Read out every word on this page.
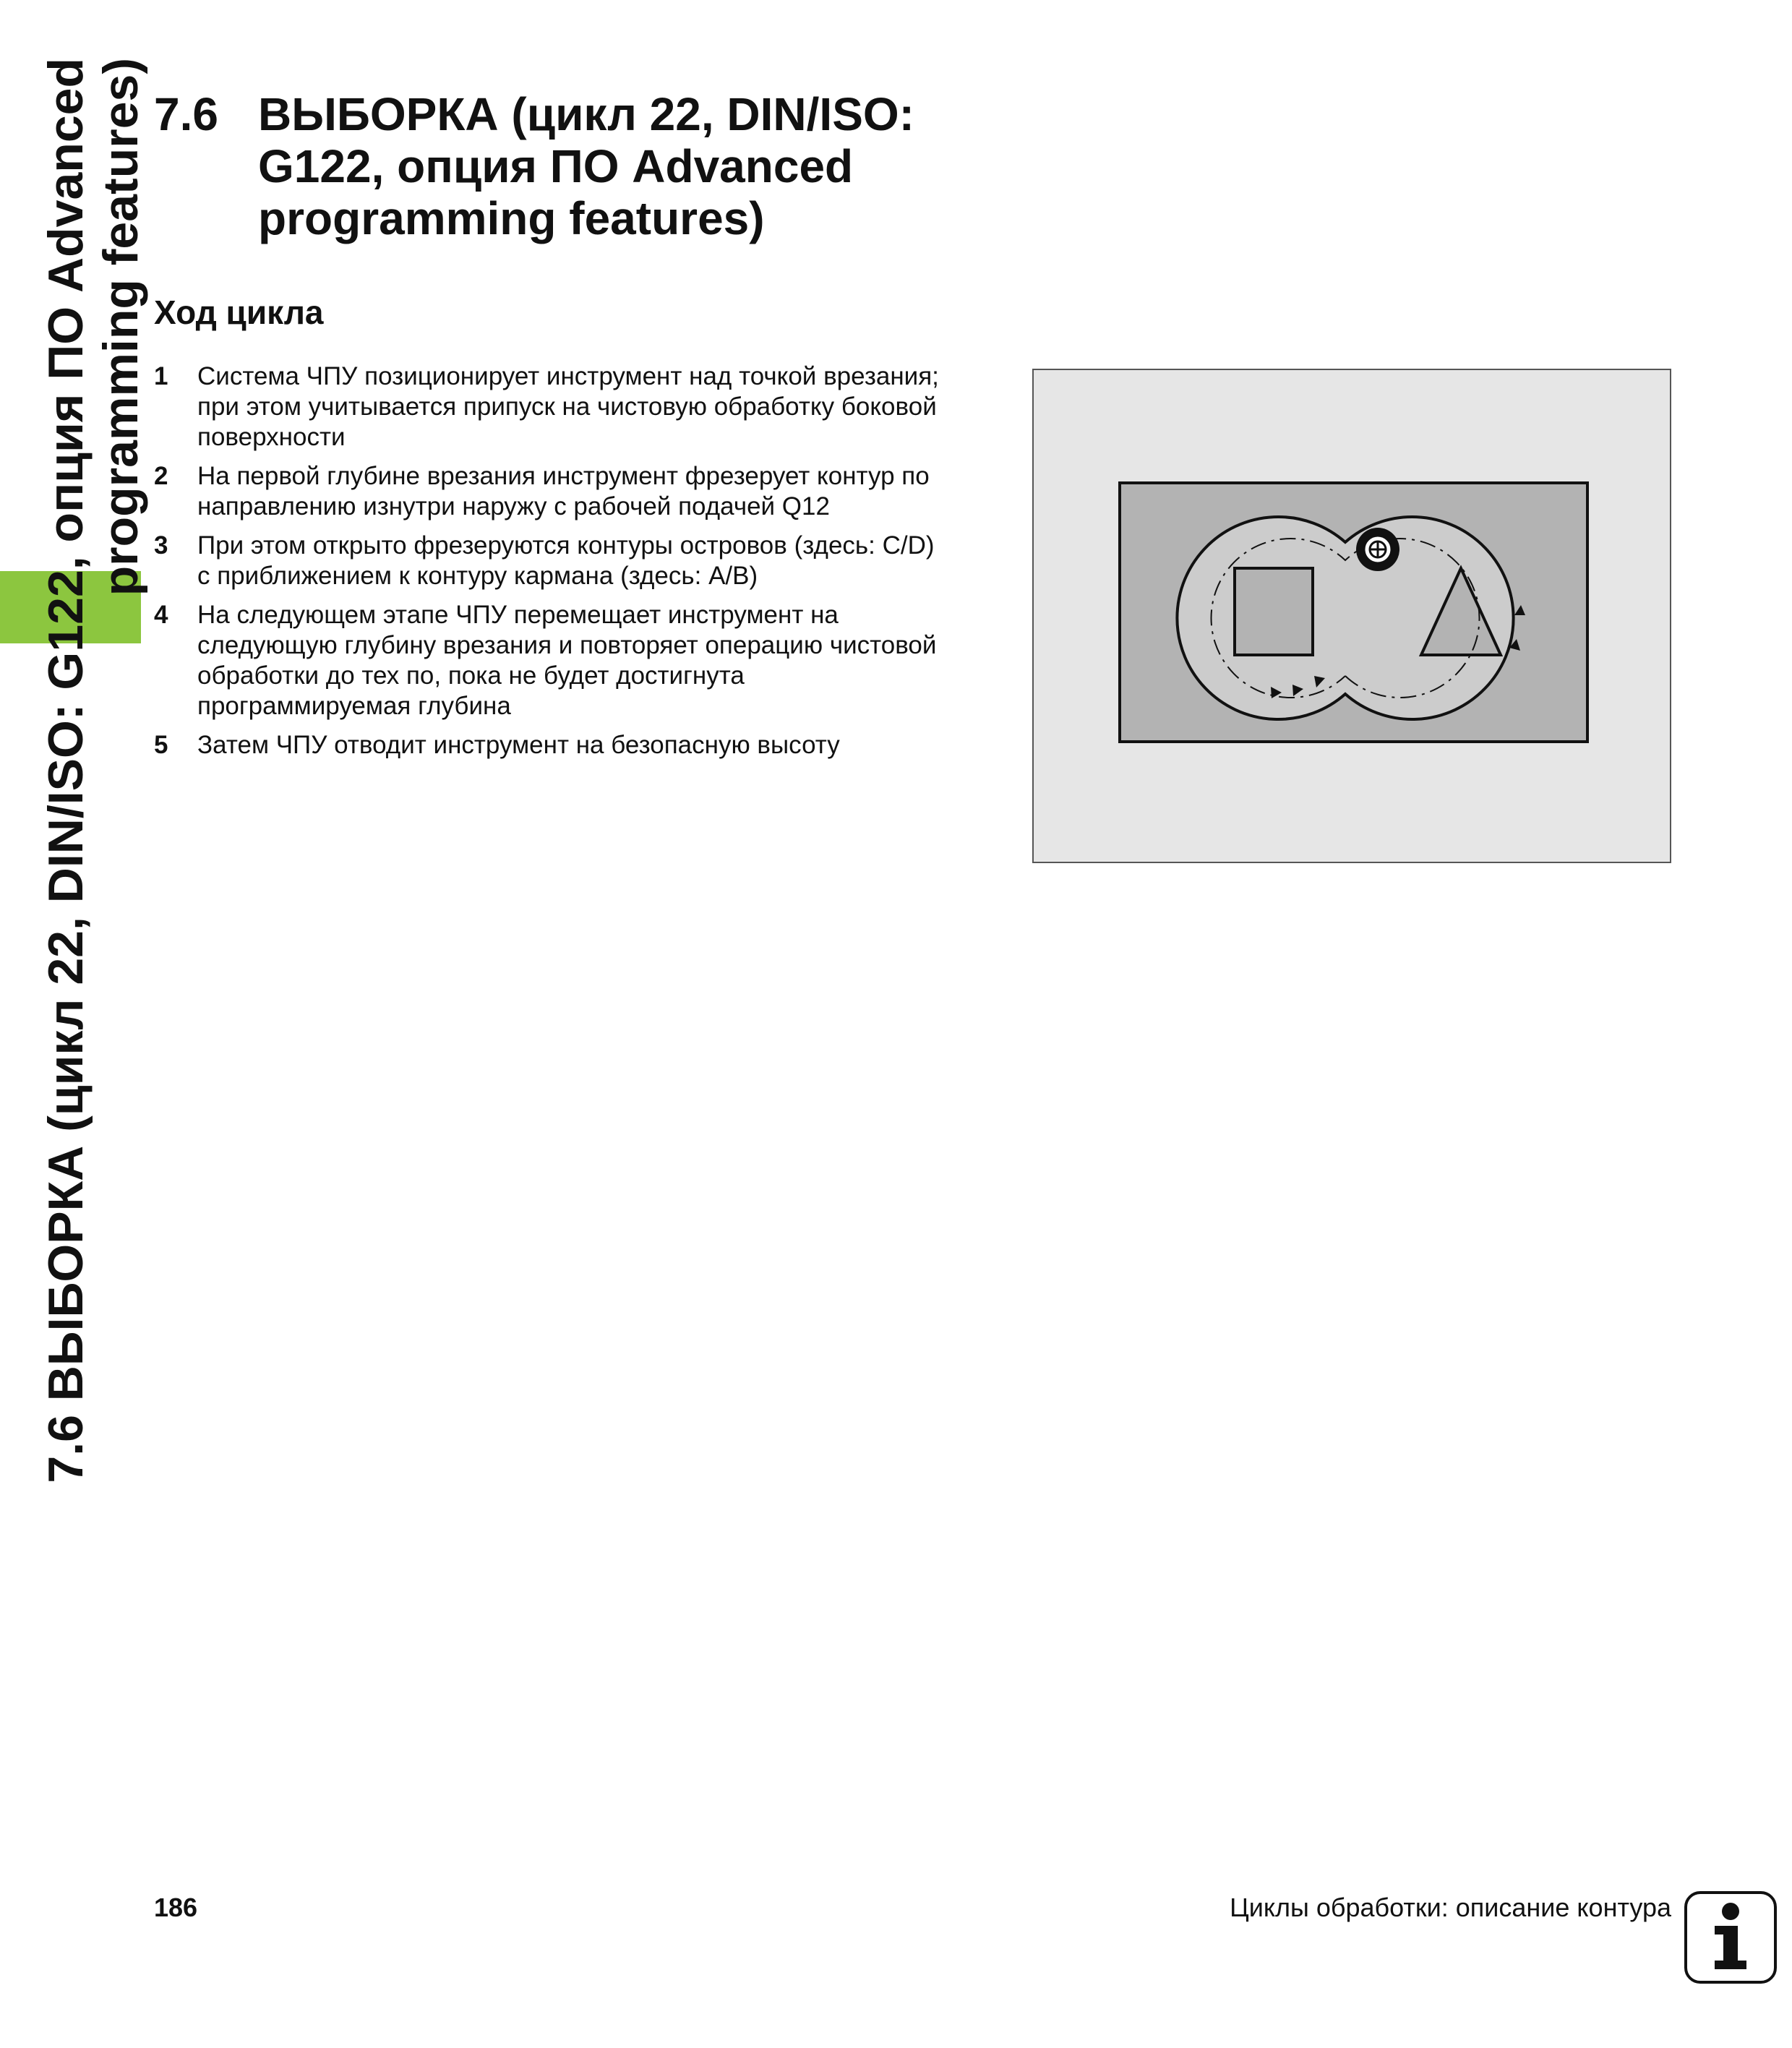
7.6 ВЫБОРКА (цикл 22, DIN/ISO: G122, опция ПО Advanced programming features) 7.6 ВЫБОРКА (цикл 22, DIN/ISO:
G122, опция ПО Advanced
programming features)
Ход цикла
1 Система ЧПУ позиционирует инструмент над точкой врезания;
при этом учитывается припуск на чистовую обработку боковой
поверхности
2 На первой глубине врезания инструмент фрезерует контур по
направлению изнутри наружу с рабочей подачей Q12
3 При этом открыто фрезеруются контуры островов (здесь: C/D)
с приближением к контуру кармана (здесь: A/B)
4 На следующем этапе ЧПУ перемещает инструмент на
следующую глубину врезания и повторяет операцию чистовой
обработки до тех по, пока не будет достигнута
программируемая глубина
5 Затем ЧПУ отводит инструмент на безопасную высоту
186	Циклы обработки: описание контура
